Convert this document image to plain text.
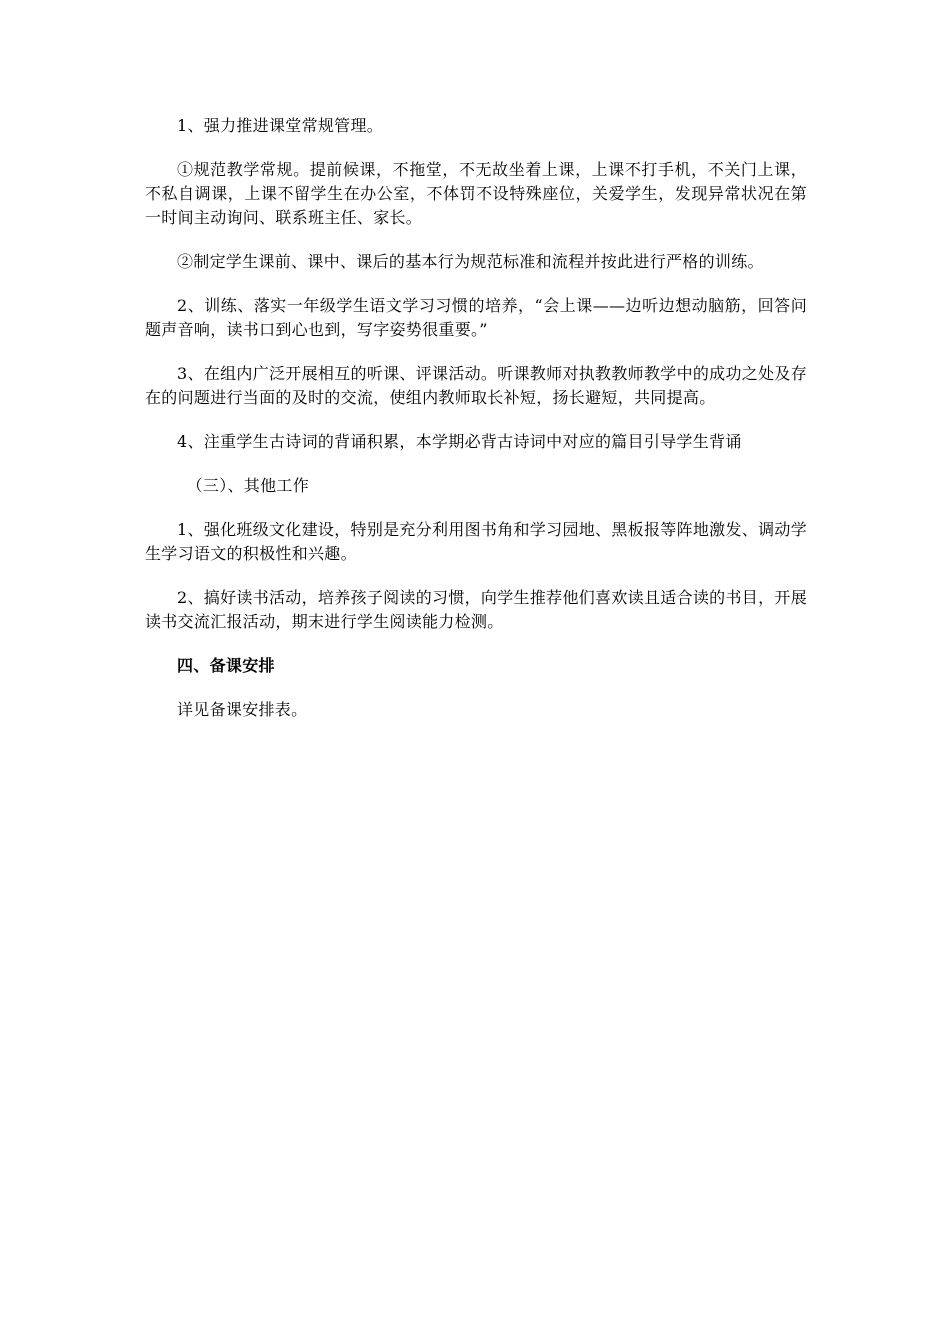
1、强力推进课堂常规管理。

①规范教学常规。提前候课，不拖堂，不无故坐着上课，上课不打手机，不关门上课，不私自调课，上课不留学生在办公室，不体罚不设特殊座位，关爱学生，发现异常状况在第一时间主动询问、联系班主任、家长。

②制定学生课前、课中、课后的基本行为规范标准和流程并按此进行严格的训练。

2、训练、落实一年级学生语文学习习惯的培养，“会上课——边听边想动脑筋，回答问题声音响，读书口到心也到，写字姿势很重要。”

3、在组内广泛开展相互的听课、评课活动。听课教师对执教教师教学中的成功之处及存在的问题进行当面的及时的交流，使组内教师取长补短，扬长避短，共同提高。

4、注重学生古诗词的背诵积累，本学期必背古诗词中对应的篇目引导学生背诵

（三）、其他工作

1、强化班级文化建设，特别是充分利用图书角和学习园地、黑板报等阵地激发、调动学生学习语文的积极性和兴趣。

2、搞好读书活动，培养孩子阅读的习惯，向学生推荐他们喜欢读且适合读的书目，开展读书交流汇报活动，期末进行学生阅读能力检测。

四、备课安排

详见备课安排表。
